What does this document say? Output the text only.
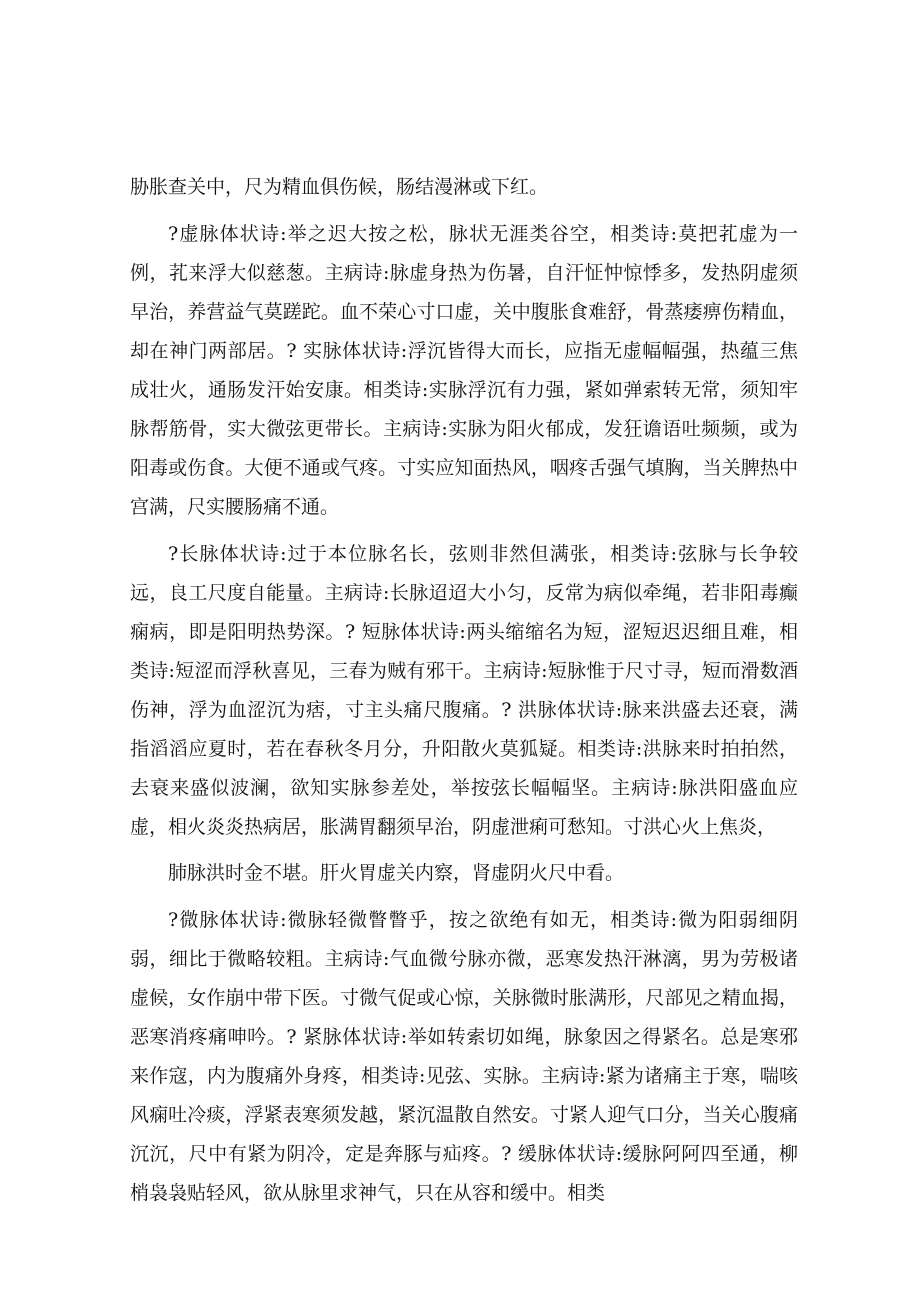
胁胀查关中，尺为精血俱伤候，肠结漫淋或下红。

?虚脉体状诗:举之迟大按之松，脉状无涯类谷空，相类诗:莫把芤虚为一例，芤来浮大似慈葱。主病诗:脉虚身热为伤暑，自汗怔忡惊悸多，发热阴虚须早治，养营益气莫蹉跎。血不荣心寸口虚，关中腹胀食难舒，骨蒸痿痹伤精血，却在神门两部居。? 实脉体状诗:浮沉皆得大而长，应指无虚幅幅强，热蕴三焦成壮火，通肠发汗始安康。相类诗:实脉浮沉有力强，紧如弹索转无常，须知牢脉帮筋骨，实大微弦更带长。主病诗:实脉为阳火郁成，发狂谵语吐频频，或为阳毒或伤食。大便不通或气疼。寸实应知面热风，咽疼舌强气填胸，当关脾热中宫满，尺实腰肠痛不通。

?长脉体状诗:过于本位脉名长，弦则非然但满张，相类诗:弦脉与长争较远，良工尺度自能量。主病诗:长脉迢迢大小匀，反常为病似牵绳，若非阳毒癫痫病，即是阳明热势深。? 短脉体状诗:两头缩缩名为短，涩短迟迟细且难，相类诗:短涩而浮秋喜见，三春为贼有邪干。主病诗:短脉惟于尺寸寻，短而滑数酒伤神，浮为血涩沉为痞，寸主头痛尺腹痛。? 洪脉体状诗:脉来洪盛去还衰，满指滔滔应夏时，若在春秋冬月分，升阳散火莫狐疑。相类诗:洪脉来时拍拍然，去衰来盛似波澜，欲知实脉参差处，举按弦长幅幅坚。主病诗:脉洪阳盛血应虚，相火炎炎热病居，胀满胃翻须早治，阴虚泄痢可愁知。寸洪心火上焦炎，

肺脉洪时金不堪。肝火胃虚关内察，肾虚阴火尺中看。

?微脉体状诗:微脉轻微瞥瞥乎，按之欲绝有如无，相类诗:微为阳弱细阴弱，细比于微略较粗。主病诗:气血微兮脉亦微，恶寒发热汗淋漓，男为劳极诸虚候，女作崩中带下医。寸微气促或心惊，关脉微时胀满形，尺部见之精血揭，恶寒消疼痛呻吟。? 紧脉体状诗:举如转索切如绳，脉象因之得紧名。总是寒邪来作寇，内为腹痛外身疼，相类诗:见弦、实脉。主病诗:紧为诸痛主于寒，喘咳风痫吐冷痰，浮紧表寒须发越，紧沉温散自然安。寸紧人迎气口分，当关心腹痛沉沉，尺中有紧为阴冷，定是奔豚与疝疼。? 缓脉体状诗:缓脉阿阿四至通，柳梢袅袅贴轻风，欲从脉里求神气，只在从容和缓中。相类
